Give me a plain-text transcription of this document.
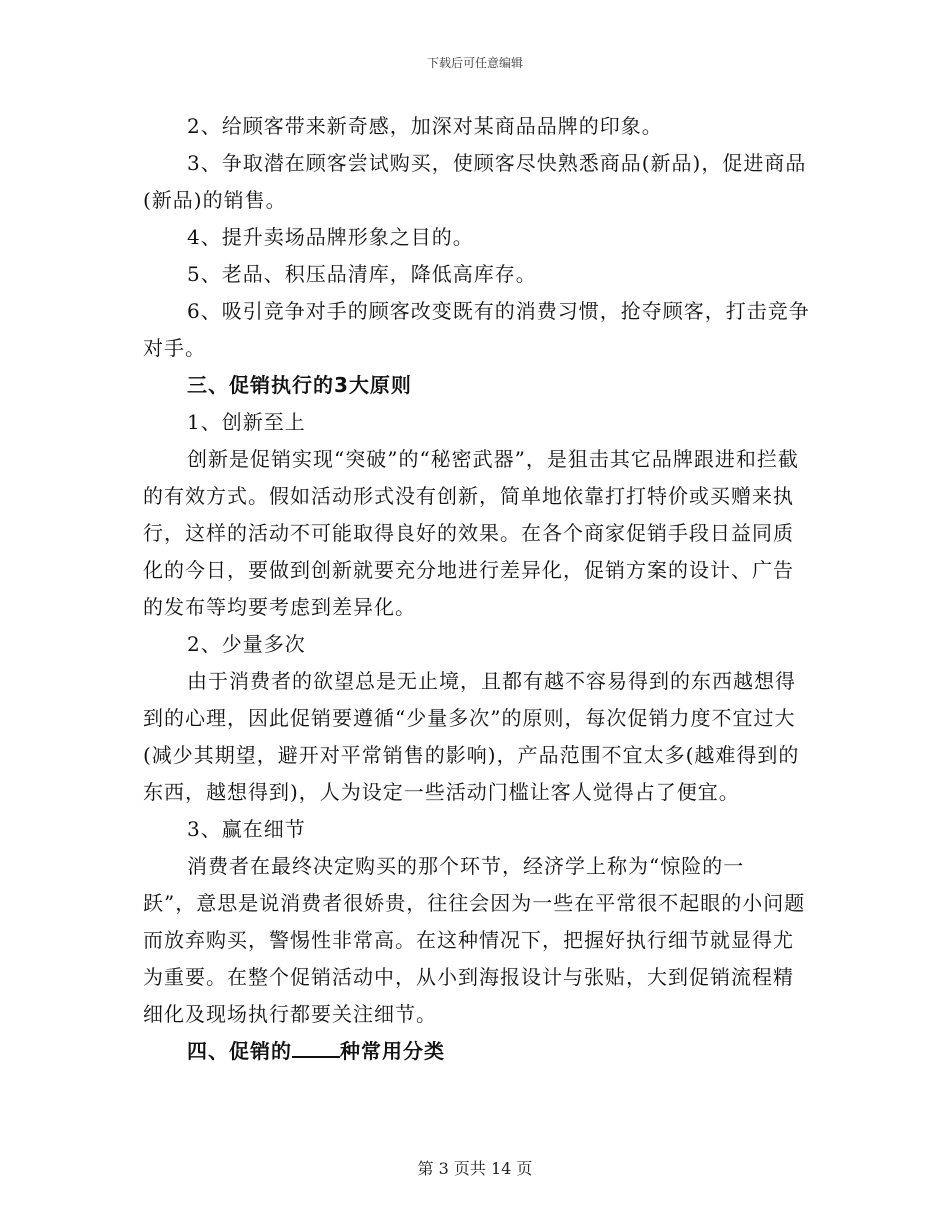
下载后可任意编辑

2、给顾客带来新奇感，加深对某商品品牌的印象。

3、争取潜在顾客尝试购买，使顾客尽快熟悉商品(新品)，促进商品(新品)的销售。

4、提升卖场品牌形象之目的。

5、老品、积压品清库，降低高库存。

6、吸引竞争对手的顾客改变既有的消费习惯，抢夺顾客，打击竞争对手。

三、促销执行的3大原则

1、创新至上

创新是促销实现“突破”的“秘密武器”，是狙击其它品牌跟进和拦截的有效方式。假如活动形式没有创新，简单地依靠打打特价或买赠来执行，这样的活动不可能取得良好的效果。在各个商家促销手段日益同质化的今日，要做到创新就要充分地进行差异化，促销方案的设计、广告的发布等均要考虑到差异化。

2、少量多次

由于消费者的欲望总是无止境，且都有越不容易得到的东西越想得到的心理，因此促销要遵循“少量多次”的原则，每次促销力度不宜过大(减少其期望，避开对平常销售的影响)，产品范围不宜太多(越难得到的东西，越想得到)，人为设定一些活动门槛让客人觉得占了便宜。

3、赢在细节

消费者在最终决定购买的那个环节，经济学上称为“惊险的一

跃”，意思是说消费者很娇贵，往往会因为一些在平常很不起眼的小问题而放弃购买，警惕性非常高。在这种情况下，把握好执行细节就显得尤为重要。在整个促销活动中，从小到海报设计与张贴，大到促销流程精细化及现场执行都要关注细节。

四、促销的 种常用分类

第 3 页共 14 页
